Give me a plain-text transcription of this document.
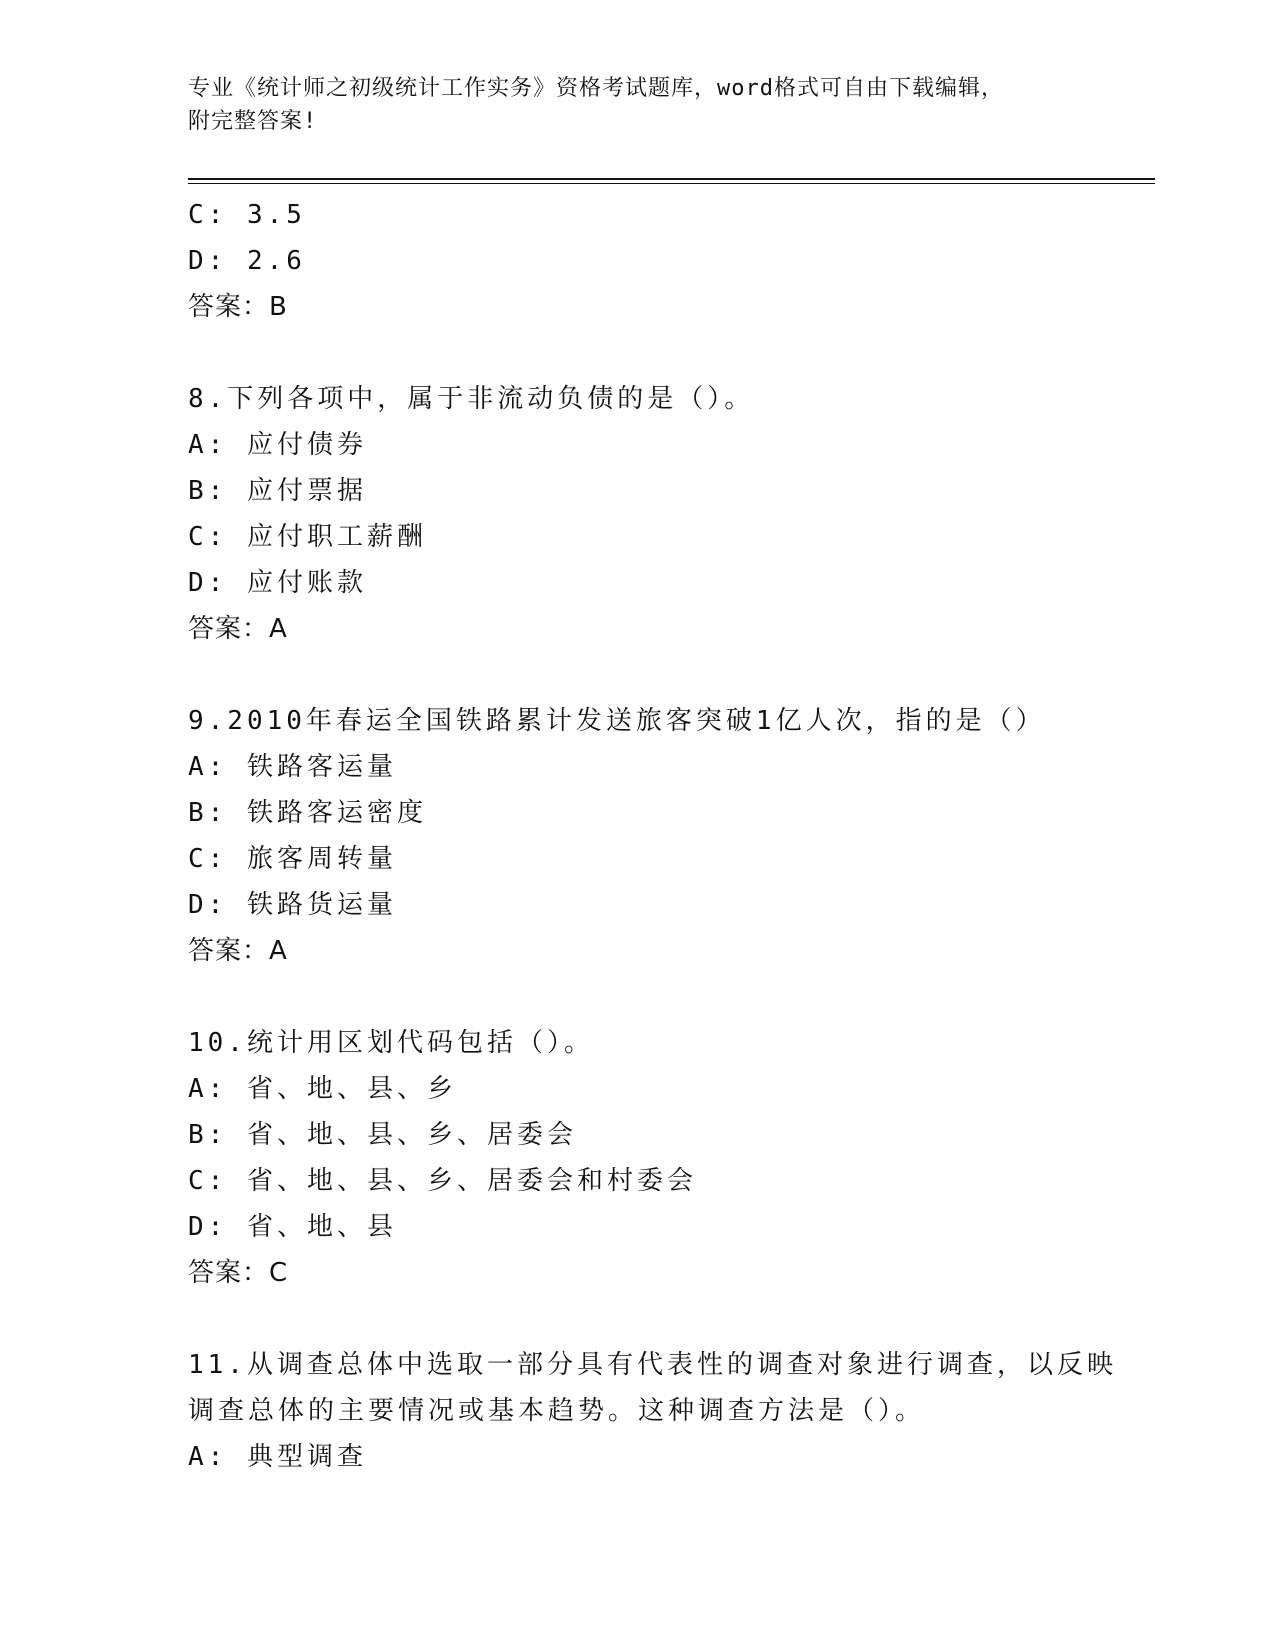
专业《统计师之初级统计工作实务》资格考试题库，word格式可自由下载编辑，
附完整答案!
C: 3.5
D: 2.6
答案：B
8.下列各项中，属于非流动负债的是（）。
A: 应付债券
B: 应付票据
C: 应付职工薪酬
D: 应付账款
答案：A
9.2010年春运全国铁路累计发送旅客突破1亿人次，指的是（）
A: 铁路客运量
B: 铁路客运密度
C: 旅客周转量
D: 铁路货运量
答案：A
10.统计用区划代码包括（）。
A: 省、地、县、乡
B: 省、地、县、乡、居委会
C: 省、地、县、乡、居委会和村委会
D: 省、地、县
答案：C
11.从调查总体中选取一部分具有代表性的调查对象进行调查，以反映
调查总体的主要情况或基本趋势。这种调查方法是（）。
A: 典型调查
